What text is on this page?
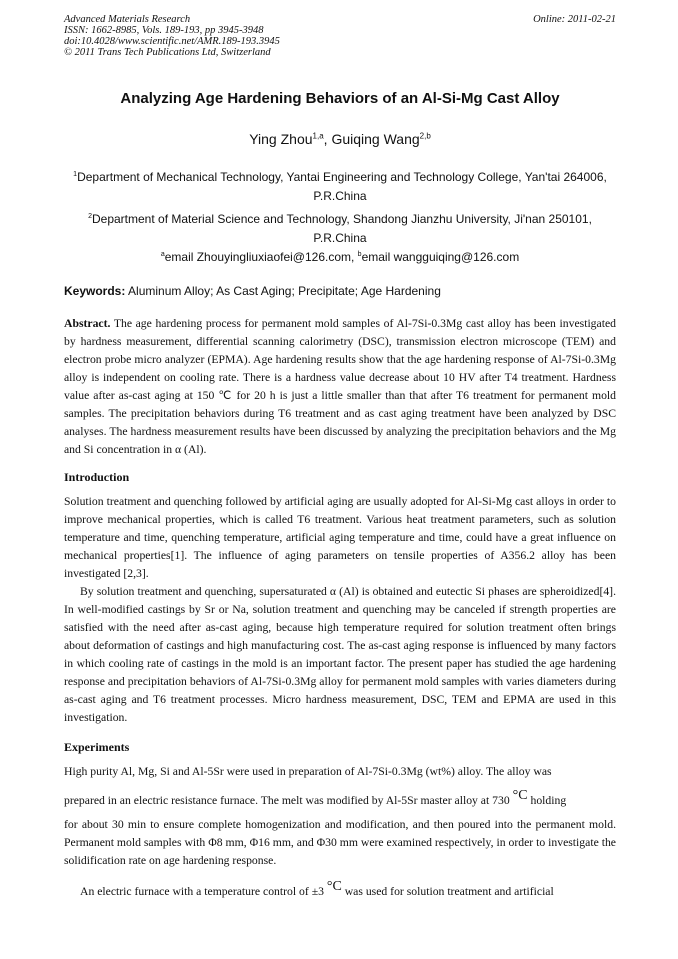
Advanced Materials Research
ISSN: 1662-8985, Vols. 189-193, pp 3945-3948
doi:10.4028/www.scientific.net/AMR.189-193.3945
© 2011 Trans Tech Publications Ltd, Switzerland
Online: 2011-02-21
Analyzing Age Hardening Behaviors of an Al-Si-Mg Cast Alloy
Ying Zhou$^{1,a}$, Guiqing Wang$^{2,b}$
$^1$Department of Mechanical Technology, Yantai Engineering and Technology College, Yan'tai 264006, P.R.China
$^2$Department of Material Science and Technology, Shandong Jianzhu University, Ji'nan 250101, P.R.China
$^a$email Zhouyingliuxiaofei@126.com, $^b$email wangguiqing@126.com
Keywords: Aluminum Alloy; As Cast Aging; Precipitate; Age Hardening
Abstract. The age hardening process for permanent mold samples of Al-7Si-0.3Mg cast alloy has been investigated by hardness measurement, differential scanning calorimetry (DSC), transmission electron microscope (TEM) and electron probe micro analyzer (EPMA). Age hardening results show that the age hardening response of Al-7Si-0.3Mg alloy is independent on cooling rate. There is a hardness value decrease about 10 HV after T4 treatment. Hardness value after as-cast aging at 150 ℃ for 20 h is just a little smaller than that after T6 treatment for permanent mold samples. The precipitation behaviors during T6 treatment and as cast aging treatment have been analyzed by DSC analyses. The hardness measurement results have been discussed by analyzing the precipitation behaviors and the Mg and Si concentration in α (Al).
Introduction

Solution treatment and quenching followed by artificial aging are usually adopted for Al-Si-Mg cast alloys in order to improve mechanical properties, which is called T6 treatment. Various heat treatment parameters, such as solution temperature and time, quenching temperature, artificial aging temperature and time, could have a great influence on mechanical properties[1]. The influence of aging parameters on tensile properties of A356.2 alloy has been investigated [2,3].

By solution treatment and quenching, supersaturated α (Al) is obtained and eutectic Si phases are spheroidized[4]. In well-modified castings by Sr or Na, solution treatment and quenching may be canceled if strength properties are satisfied with the need after as-cast aging, because high temperature required for solution treatment often brings about deformation of castings and high manufacturing cost. The as-cast aging response is influenced by many factors in which cooling rate of castings in the mold is an important factor. The present paper has studied the age hardening response and precipitation behaviors of Al-7Si-0.3Mg alloy for permanent mold samples with varies diameters during as-cast aging and T6 treatment processes. Micro hardness measurement, DSC, TEM and EPMA are used in this investigation.

Experiments

High purity Al, Mg, Si and Al-5Sr were used in preparation of Al-7Si-0.3Mg (wt%) alloy. The alloy was

prepared in an electric resistance furnace. The melt was modified by Al-5Sr master alloy at 730 $^{^\circ C}$ holding

for about 30 min to ensure complete homogenization and modification, and then poured into the permanent mold. Permanent mold samples with Φ8 mm, Φ16 mm, and Φ30 mm were examined respectively, in order to investigate the solidification rate on age hardening response.

An electric furnace with a temperature control of ±3 $^{^\circ C}$ was used for solution treatment and artificial
